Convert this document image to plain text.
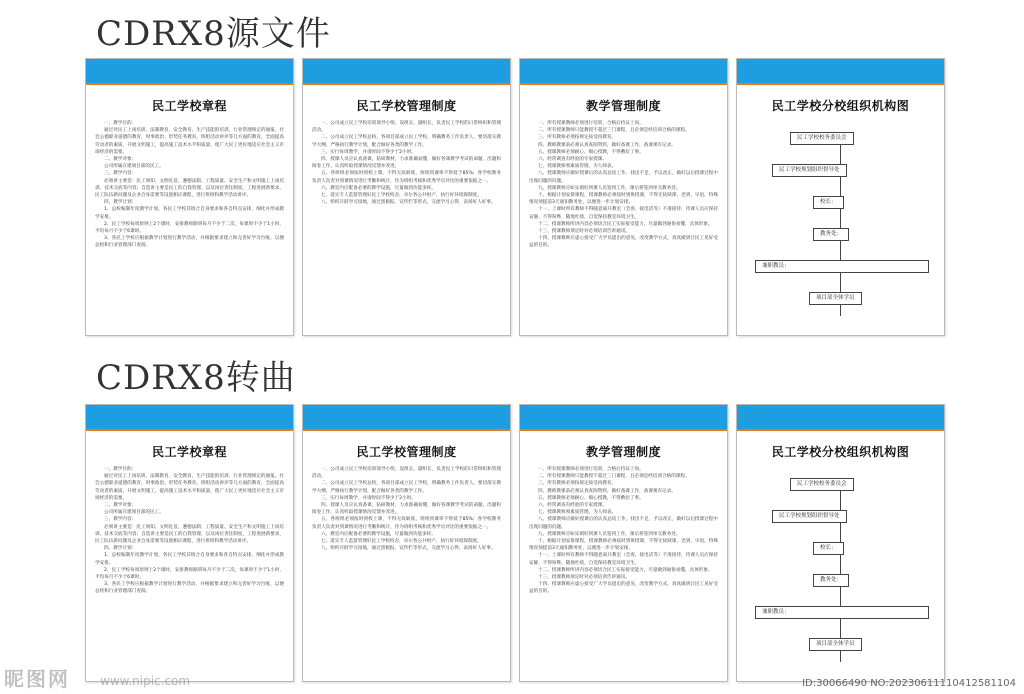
CDRX8源文件
CDRX8转曲
民工学校章程

一、教学目的：

通过对民工上岗培训、法制教育、安全教育、生产技能的培训，行业管理规定的通报，社会公德职业道德的教育，时事政治、形势任务教育，班组活动讲评等几方面的教育，全面提高劳动者的素质，开展文明施工，提高施工技术水平和质量，使广大民工更好地适应社会主义市场经济的需要。

二、教学对象：

公司所属在建项目部的民工。

三、教学内容：

必须讲主要是：民工须知、文明礼仪、遵德法制、工程质量、安全生产和文明施工上岗培训、技术交底等内容；自选讲主要是民工的自我管理、以及岗位责任制度，工程进展新要求，民工队伍新问题及企业自身需要等设置相应课程，进行班组和教学活动讲评。

四、教学计划：

1、总校编制年度教学计划，各民工学校其组合自身要求和各自特点安排、细化并形成教学安排。

2、民工学校每周原则上2个课时，安排教师跟班每月不少于二次，每课时不少于1小时，平均每月不少于6课时。

3、各民工学校应根据教学计划进行教学活动，并根据要求建立和完善好学习台账，以便总校和行业管理部门查阅。

民工学校管理制度

一、公司成立民工学校培训领导小组，设组长、副组长，负责民工学校的日常组织和管理活动。

二、公司成立民工学校总校，各项目部成立民工学校，明确教务工作负责人，要切落实教学大纲，严格执行教学计划，配合做好各类的教学工作。

三、实行每周教学，并请时间不得少于2小时。

四、授课人员应认真备课，钻研教材，力求准确易懂，做好各课教学考试的命题、出题和阅卷工作，认真听取授课情况反馈并改进。

五、各班组必须按时到校上课，不得无故缺席，班组到课率不得低于85%；各学校教务负责人负责对到课情况进行考勤和统计，作为班组考核和优秀学员评比的重要依据之一。

六、教室内应配备必要的教学设施，尽量做到功能多样。

七、落实专人监督管理好民工学校校舍，卓尔各公共财产，执行好环境保制度。

八、组织开辟学习园地，通过黑板报、宣传栏等形式，交流学习心得，表扬好人好事。

教学管理制度

一、所有授课教师必须进行培训，合格后持证上岗。

二、所有授课教师只能教授不超过三门课程，且必须是经培训合格的课程。

三、所有教师必须按规定按受再教育。

四、教师教课前必须认真查阅资料，做好备课工作，备课须有记录。

五、授课教师必须耐心、细心授教，不得敷衍了事。

六、经常调查有经验的专家授课。

七、授课教师须素质管理，为人师表。

八、授课教师应做好授课后的认真总结工作，找出不足，予以改正，做好以后授课过程中出现问题的问题。

九、授课教师应如实填好到课人员签到工作，课后将签到单交教务处。

十、根据计划安排课程，授课教师必须按时到班授课，不得无故缺课、迟到、早退，特殊情况须提前3天通知教务处，以便进一步计划安排。

十一、上课时所有教师不得随意离开教室（会客、接电话等）不准接待，待课人员应保持安静，不得喧哗，随地吐痰，自觉保持教室环境卫生。

十二、授课教师所讲内容必须切合民工实际接受能力，尽量做到通俗易懂，具体形象。

十三、授课教师须定时对必须培训告讲通讯。

十四、授课教师应虚心接受广大学员提出的意见，改变教学方式，真真做到让民工见好受益的目的。

民工学校分校组织机构图
民工学校校务委员会
民工学校规划组织督导处
校长：
教务处：
兼职教员：
项目部全体学员
民工学校章程

一、教学目的：

通过对民工上岗培训、法制教育、安全教育、生产技能的培训，行业管理规定的通报，社会公德职业道德的教育，时事政治、形势任务教育，班组活动讲评等几方面的教育，全面提高劳动者的素质，开展文明施工，提高施工技术水平和质量，使广大民工更好地适应社会主义市场经济的需要。

二、教学对象：

公司所属在建项目部的民工。

三、教学内容：

必须讲主要是：民工须知、文明礼仪、遵德法制、工程质量、安全生产和文明施工上岗培训、技术交底等内容；自选讲主要是民工的自我管理、以及岗位责任制度，工程进展新要求，民工队伍新问题及企业自身需要等设置相应课程，进行班组和教学活动讲评。

四、教学计划：

1、总校编制年度教学计划，各民工学校其组合自身要求和各自特点安排、细化并形成教学安排。

2、民工学校每周原则上2个课时，安排教师跟班每月不少于二次，每课时不少于1小时，平均每月不少于6课时。

3、各民工学校应根据教学计划进行教学活动，并根据要求建立和完善好学习台账，以便总校和行业管理部门查阅。

民工学校管理制度

一、公司成立民工学校培训领导小组，设组长、副组长，负责民工学校的日常组织和管理活动。

二、公司成立民工学校总校，各项目部成立民工学校，明确教务工作负责人，要切落实教学大纲，严格执行教学计划，配合做好各类的教学工作。

三、实行每周教学，并请时间不得少于2小时。

四、授课人员应认真备课，钻研教材，力求准确易懂，做好各课教学考试的命题、出题和阅卷工作，认真听取授课情况反馈并改进。

五、各班组必须按时到校上课，不得无故缺席，班组到课率不得低于85%；各学校教务负责人负责对到课情况进行考勤和统计，作为班组考核和优秀学员评比的重要依据之一。

六、教室内应配备必要的教学设施，尽量做到功能多样。

七、落实专人监督管理好民工学校校舍，卓尔各公共财产，执行好环境保制度。

八、组织开辟学习园地，通过黑板报、宣传栏等形式，交流学习心得，表扬好人好事。

教学管理制度

一、所有授课教师必须进行培训，合格后持证上岗。

二、所有授课教师只能教授不超过三门课程，且必须是经培训合格的课程。

三、所有教师必须按规定按受再教育。

四、教师教课前必须认真查阅资料，做好备课工作，备课须有记录。

五、授课教师必须耐心、细心授教，不得敷衍了事。

六、经常调查有经验的专家授课。

七、授课教师须素质管理，为人师表。

八、授课教师应做好授课后的认真总结工作，找出不足，予以改正，做好以后授课过程中出现问题的问题。

九、授课教师应如实填好到课人员签到工作，课后将签到单交教务处。

十、根据计划安排课程，授课教师必须按时到班授课，不得无故缺课、迟到、早退，特殊情况须提前3天通知教务处，以便进一步计划安排。

十一、上课时所有教师不得随意离开教室（会客、接电话等）不准接待，待课人员应保持安静，不得喧哗，随地吐痰，自觉保持教室环境卫生。

十二、授课教师所讲内容必须切合民工实际接受能力，尽量做到通俗易懂，具体形象。

十三、授课教师须定时对必须培训告讲通讯。

十四、授课教师应虚心接受广大学员提出的意见，改变教学方式，真真做到让民工见好受益的目的。

民工学校分校组织机构图
民工学校校务委员会
民工学校规划组织督导处
校长：
教务处：
兼职教员：
项目部全体学员
昵图网	www.nipic.com	ID:30066490 NO:20230611110412581104
